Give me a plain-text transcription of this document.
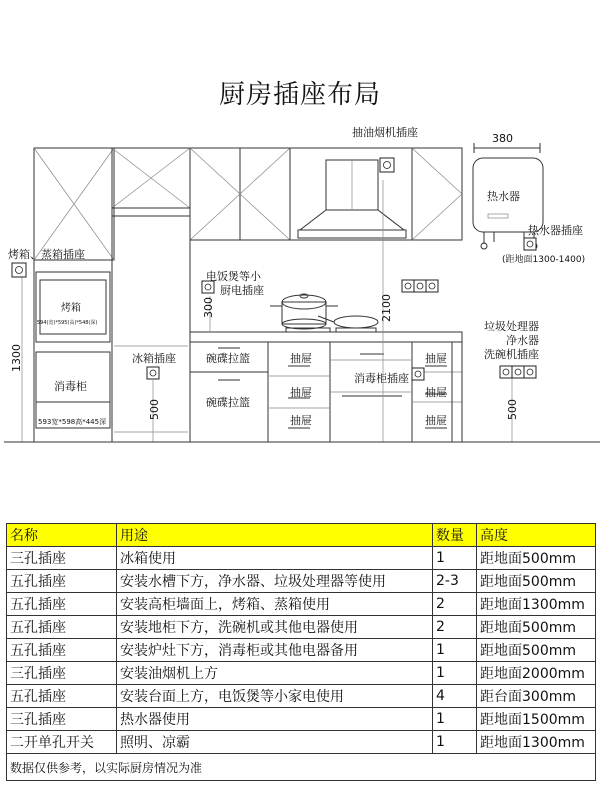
厨房插座布局
抽油烟机插座	380
热水器
热水器插座
(距地面1300-1400)
烤箱、蒸箱插座
烤箱
594(宽)*595(高)*548(深)
电饭煲等小
厨电插座
300	2100
1300
消毒柜
593宽*598高*445深
冰箱插座
500
碗碟拉篮
碗碟拉篮
抽屉
抽屉
抽屉
消毒柜插座
抽屉
抽屉
抽屉
垃圾处理器
净水器
洗碗机插座
500
名称	用途	数量	高度
三孔插座	冰箱使用	1	距地面500mm
五孔插座	安装水槽下方，净水器、垃圾处理器等使用	2-3	距地面500mm
五孔插座	安装高柜墙面上，烤箱、蒸箱使用	2	距地面1300mm
五孔插座	安装地柜下方，洗碗机或其他电器使用	2	距地面500mm
五孔插座	安装炉灶下方，消毒柜或其他电器备用	1	距地面500mm
三孔插座	安装油烟机上方	1	距地面2000mm
五孔插座	安装台面上方，电饭煲等小家电使用	4	距台面300mm
三孔插座	热水器使用	1	距地面1500mm
二开单孔开关	照明、凉霸	1	距地面1300mm
数据仅供参考，以实际厨房情况为准			
